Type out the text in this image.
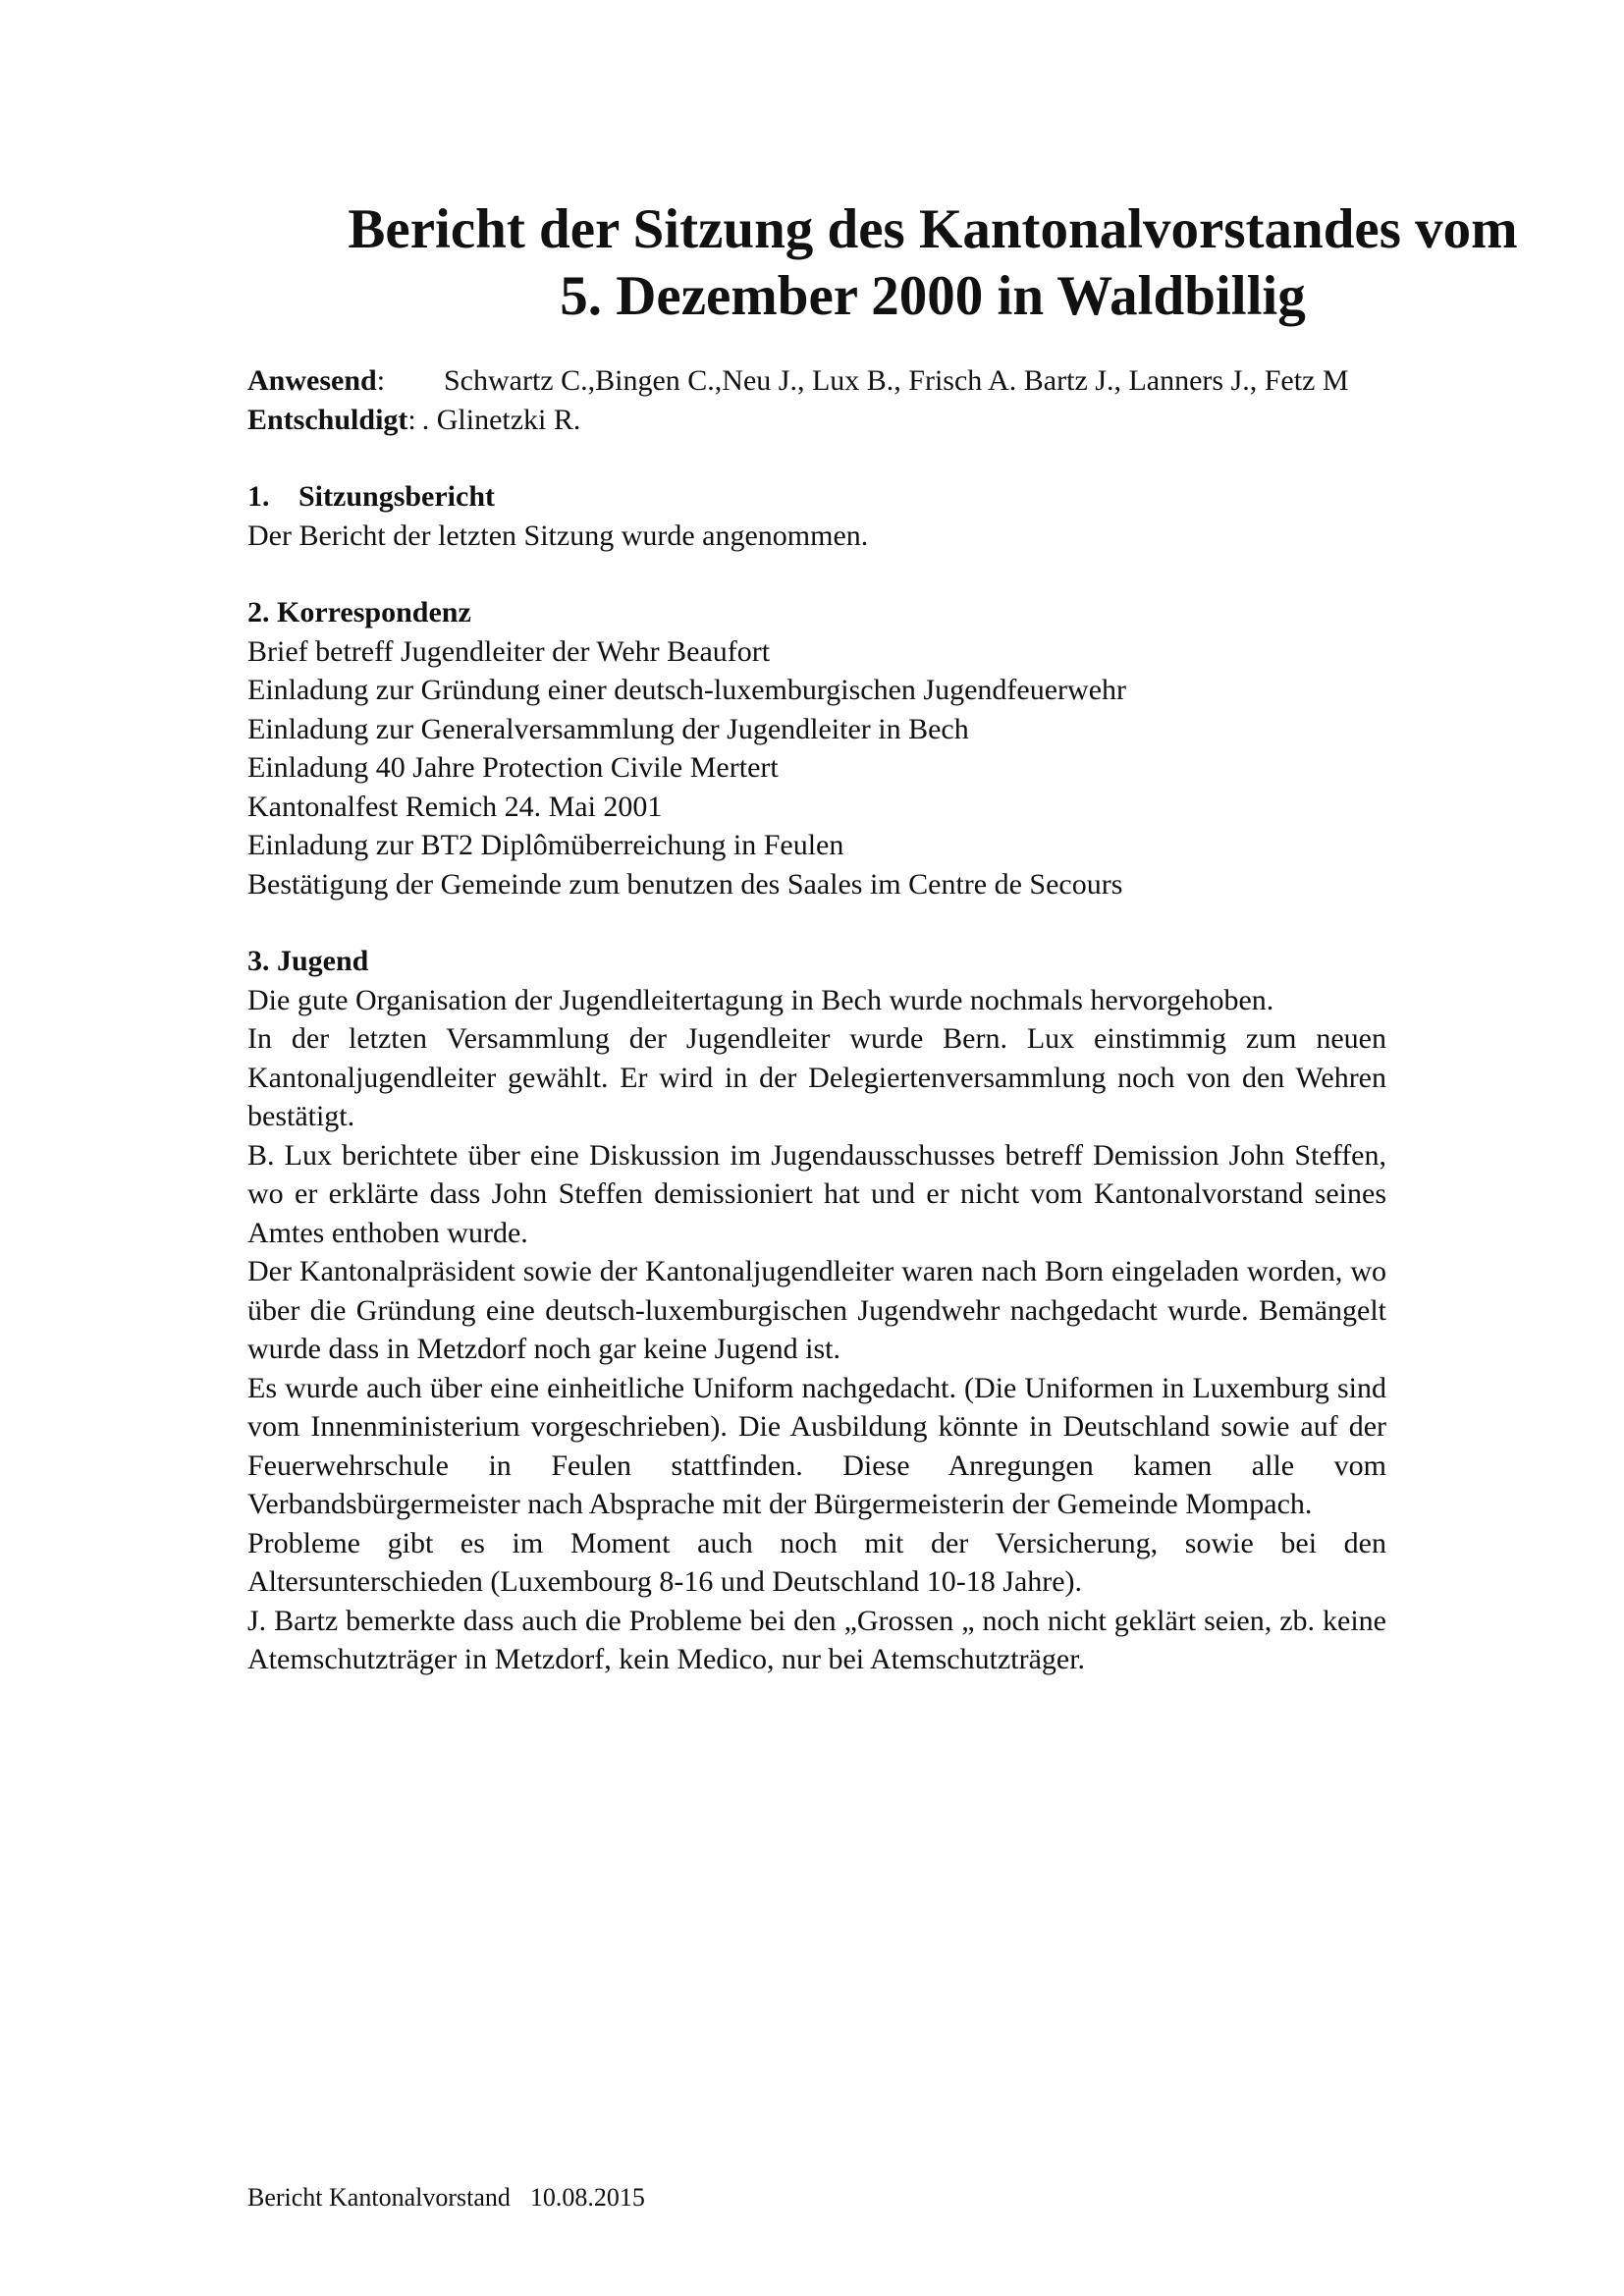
Bericht der Sitzung des Kantonalvorstandes vom
5. Dezember 2000 in Waldbillig
Anwesend:	Schwartz C.,Bingen C.,Neu J., Lux B., Frisch A. Bartz J., Lanners J., Fetz M
Entschuldigt: . Glinetzki R.
1. Sitzungsbericht
Der Bericht der letzten Sitzung wurde angenommen.
2. Korrespondenz
Brief betreff Jugendleiter der Wehr Beaufort
Einladung zur Gründung einer deutsch-luxemburgischen Jugendfeuerwehr
Einladung zur Generalversammlung der Jugendleiter in Bech
Einladung 40 Jahre Protection Civile Mertert
Kantonalfest Remich 24. Mai 2001
Einladung zur BT2 Diplômüberreichung in Feulen
Bestätigung der Gemeinde zum benutzen des Saales im Centre de Secours
3. Jugend
Die gute Organisation der Jugendleitertagung in Bech wurde nochmals hervorgehoben.
In der letzten Versammlung der Jugendleiter wurde Bern. Lux einstimmig zum neuen Kantonaljugendleiter gewählt. Er wird in der Delegiertenversammlung noch von den Wehren bestätigt.
B. Lux berichtete über eine Diskussion im Jugendausschusses betreff Demission John Steffen, wo er erklärte dass John Steffen demissioniert hat und er nicht vom Kantonalvorstand seines Amtes enthoben wurde.
Der Kantonalpräsident sowie der Kantonaljugendleiter waren nach Born eingeladen worden, wo über die Gründung eine deutsch-luxemburgischen Jugendwehr nachgedacht wurde. Bemängelt wurde dass in Metzdorf noch gar keine Jugend ist.
Es wurde auch über eine einheitliche Uniform nachgedacht. (Die Uniformen in Luxemburg sind vom Innenministerium vorgeschrieben). Die Ausbildung könnte in Deutschland sowie auf der Feuerwehrschule in Feulen stattfinden. Diese Anregungen kamen alle vom Verbandsbürgermeister nach Absprache mit der Bürgermeisterin der Gemeinde Mompach.
Probleme gibt es im Moment auch noch mit der Versicherung, sowie bei den Altersunterschieden (Luxembourg 8-16 und Deutschland 10-18 Jahre).
J. Bartz bemerkte dass auch die Probleme bei den „Grossen „ noch nicht geklärt seien, zb. keine Atemschutzträger in Metzdorf, kein Medico, nur bei Atemschutzträger.
Bericht Kantonalvorstand 10.08.2015
